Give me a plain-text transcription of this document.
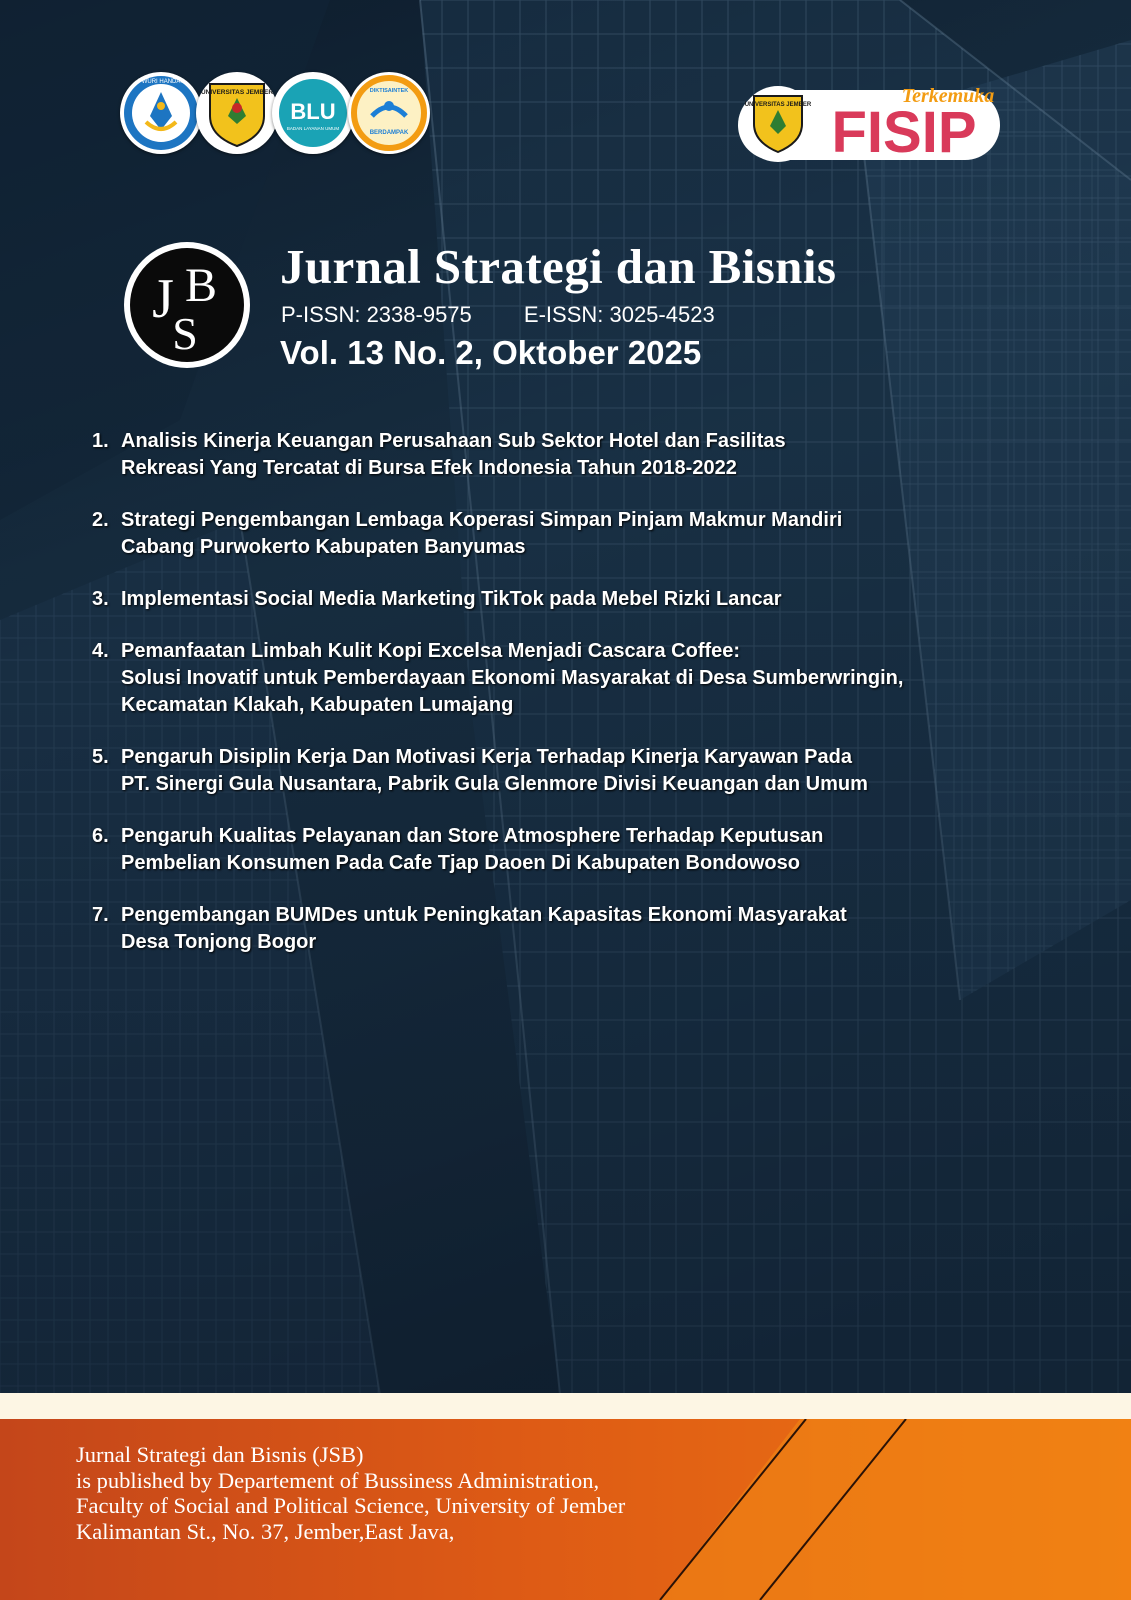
TUT WURI HANDAYANI
UNIVERSITAS JEMBER
BLU
BADAN LAYANAN UMUM
DIKTISAINTEK
BERDAMPAK
UNIVERSITAS JEMBER FISIP
Terkemuka
J B
S
Jurnal Strategi dan Bisnis
P-ISSN: 2338-9575 E-ISSN: 3025-4523
Vol. 13 No. 2, Oktober 2025
1. Analisis Kinerja Keuangan Perusahaan Sub Sektor Hotel dan Fasilitas
Rekreasi Yang Tercatat di Bursa Efek Indonesia Tahun 2018-2022
2. Strategi Pengembangan Lembaga Koperasi Simpan Pinjam Makmur Mandiri
Cabang Purwokerto Kabupaten Banyumas
3. Implementasi Social Media Marketing TikTok pada Mebel Rizki Lancar
4. Pemanfaatan Limbah Kulit Kopi Excelsa Menjadi Cascara Coffee:
Solusi Inovatif untuk Pemberdayaan Ekonomi Masyarakat di Desa Sumberwringin,
Kecamatan Klakah, Kabupaten Lumajang
5. Pengaruh Disiplin Kerja Dan Motivasi Kerja Terhadap Kinerja Karyawan Pada
PT. Sinergi Gula Nusantara, Pabrik Gula Glenmore Divisi Keuangan dan Umum
6. Pengaruh Kualitas Pelayanan dan Store Atmosphere Terhadap Keputusan
Pembelian Konsumen Pada Cafe Tjap Daoen Di Kabupaten Bondowoso
7. Pengembangan BUMDes untuk Peningkatan Kapasitas Ekonomi Masyarakat
Desa Tonjong Bogor
Jurnal Strategi dan Bisnis (JSB)
is published by Departement of Bussiness Administration,
Faculty of Social and Political Science, University of Jember
Kalimantan St., No. 37, Jember,East Java,
